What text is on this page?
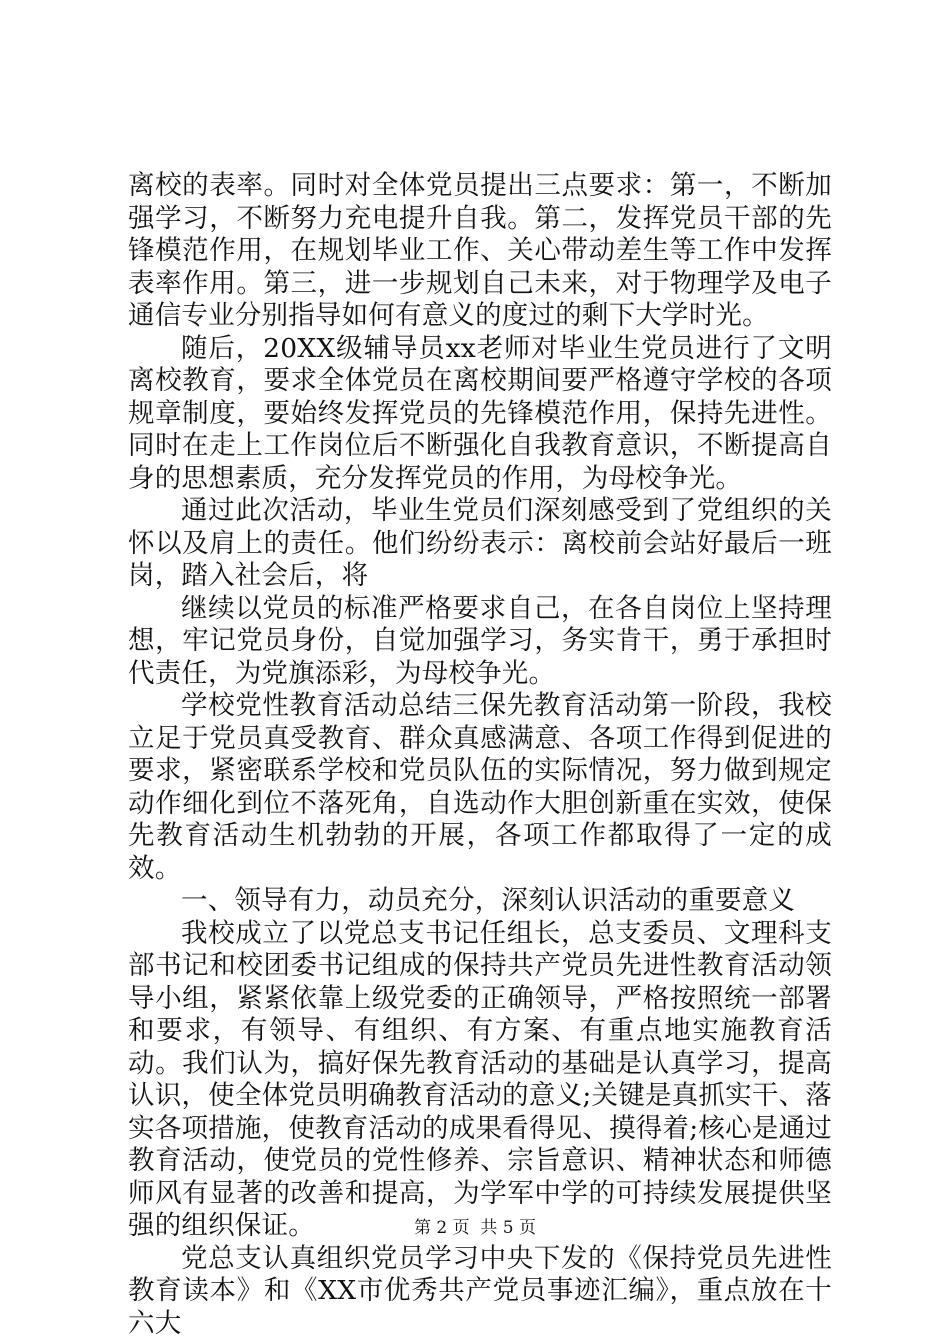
离校的表率。同时对全体党员提出三点要求：第一，不断加强学习，不断努力充电提升自我。第二，发挥党员干部的先锋模范作用，在规划毕业工作、关心带动差生等工作中发挥表率作用。第三，进一步规划自己未来，对于物理学及电子通信专业分别指导如何有意义的度过的剩下大学时光。

随后，20XX级辅导员xx老师对毕业生党员进行了文明离校教育，要求全体党员在离校期间要严格遵守学校的各项规章制度，要始终发挥党员的先锋模范作用，保持先进性。同时在走上工作岗位后不断强化自我教育意识，不断提高自身的思想素质，充分发挥党员的作用，为母校争光。

通过此次活动，毕业生党员们深刻感受到了党组织的关怀以及肩上的责任。他们纷纷表示：离校前会站好最后一班岗，踏入社会后，将

继续以党员的标准严格要求自己，在各自岗位上坚持理想，牢记党员身份，自觉加强学习，务实肯干，勇于承担时代责任，为党旗添彩，为母校争光。

学校党性教育活动总结三保先教育活动第一阶段，我校立足于党员真受教育、群众真感满意、各项工作得到促进的要求，紧密联系学校和党员队伍的实际情况，努力做到规定动作细化到位不落死角，自选动作大胆创新重在实效，使保先教育活动生机勃勃的开展，各项工作都取得了一定的成效。

一、领导有力，动员充分，深刻认识活动的重要意义

我校成立了以党总支书记任组长，总支委员、文理科支部书记和校团委书记组成的保持共产党员先进性教育活动领导小组，紧紧依靠上级党委的正确领导，严格按照统一部署和要求，有领导、有组织、有方案、有重点地实施教育活动。我们认为，搞好保先教育活动的基础是认真学习，提高认识，使全体党员明确教育活动的意义;关键是真抓实干、落实各项措施，使教育活动的成果看得见、摸得着;核心是通过教育活动，使党员的党性修养、宗旨意识、精神状态和师德师风有显著的改善和提高，为学军中学的可持续发展提供坚强的组织保证。

党总支认真组织党员学习中央下发的《保持党员先进性教育读本》和《XX市优秀共产党员事迹汇编》，重点放在十六大

第 2 页  共 5 页
